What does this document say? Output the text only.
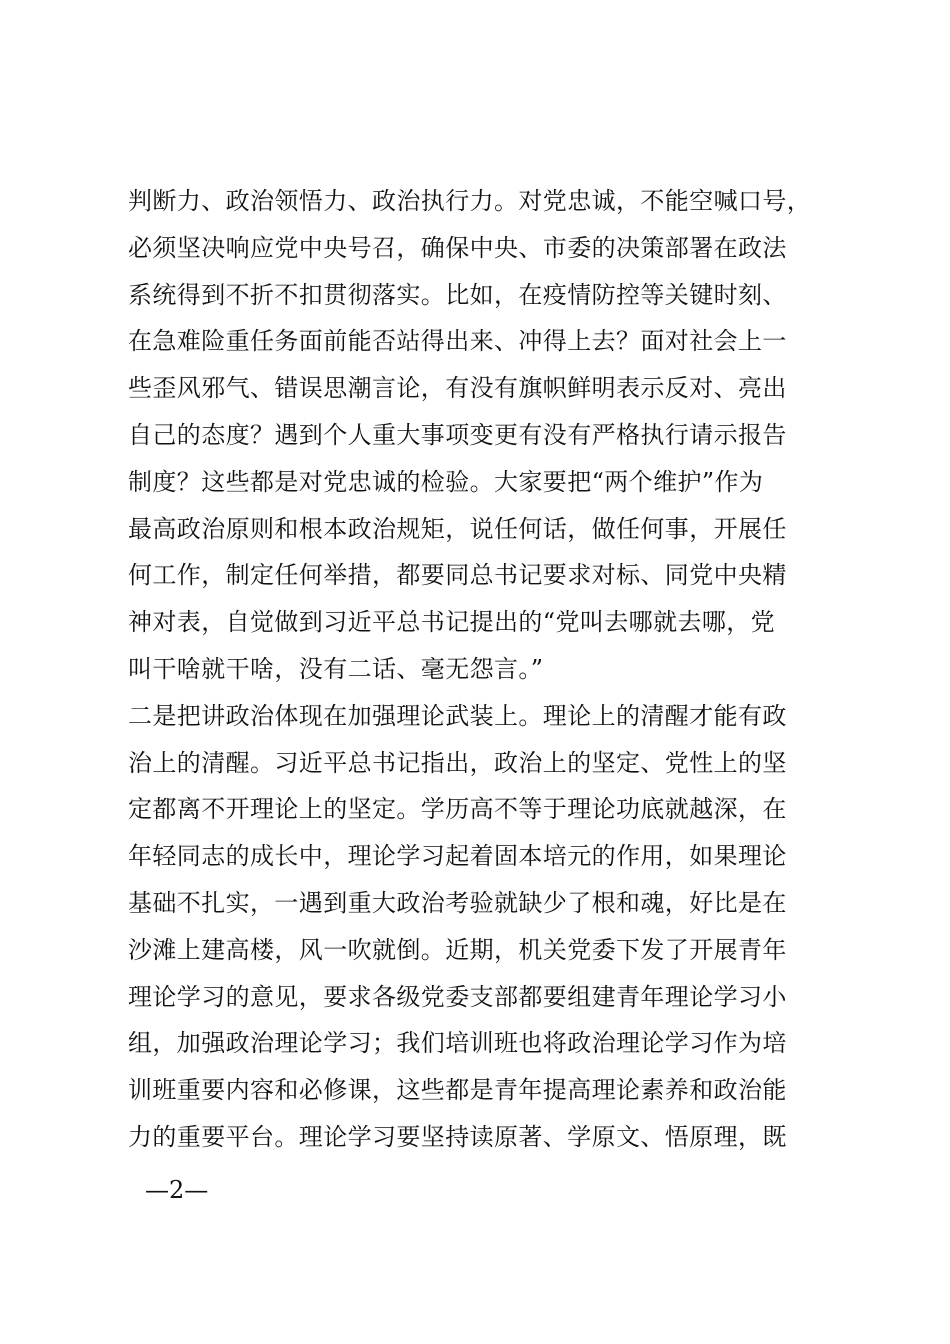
判断力、政治领悟力、政治执行力。对党忠诚，不能空喊口号，
必须坚决响应党中央号召，确保中央、市委的决策部署在政法
系统得到不折不扣贯彻落实。比如，在疫情防控等关键时刻、
在急难险重任务面前能否站得出来、冲得上去？面对社会上一
些歪风邪气、错误思潮言论，有没有旗帜鲜明表示反对、亮出
自己的态度？遇到个人重大事项变更有没有严格执行请示报告
制度？这些都是对党忠诚的检验。大家要把“两个维护”作为
最高政治原则和根本政治规矩，说任何话，做任何事，开展任
何工作，制定任何举措，都要同总书记要求对标、同党中央精
神对表，自觉做到习近平总书记提出的“党叫去哪就去哪，党
叫干啥就干啥，没有二话、毫无怨言。”
二是把讲政治体现在加强理论武装上。理论上的清醒才能有政
治上的清醒。习近平总书记指出，政治上的坚定、党性上的坚
定都离不开理论上的坚定。学历高不等于理论功底就越深，在
年轻同志的成长中，理论学习起着固本培元的作用，如果理论
基础不扎实，一遇到重大政治考验就缺少了根和魂，好比是在
沙滩上建高楼，风一吹就倒。近期，机关党委下发了开展青年
理论学习的意见，要求各级党委支部都要组建青年理论学习小
组，加强政治理论学习；我们培训班也将政治理论学习作为培
训班重要内容和必修课，这些都是青年提高理论素养和政治能
力的重要平台。理论学习要坚持读原著、学原文、悟原理，既
—2—
